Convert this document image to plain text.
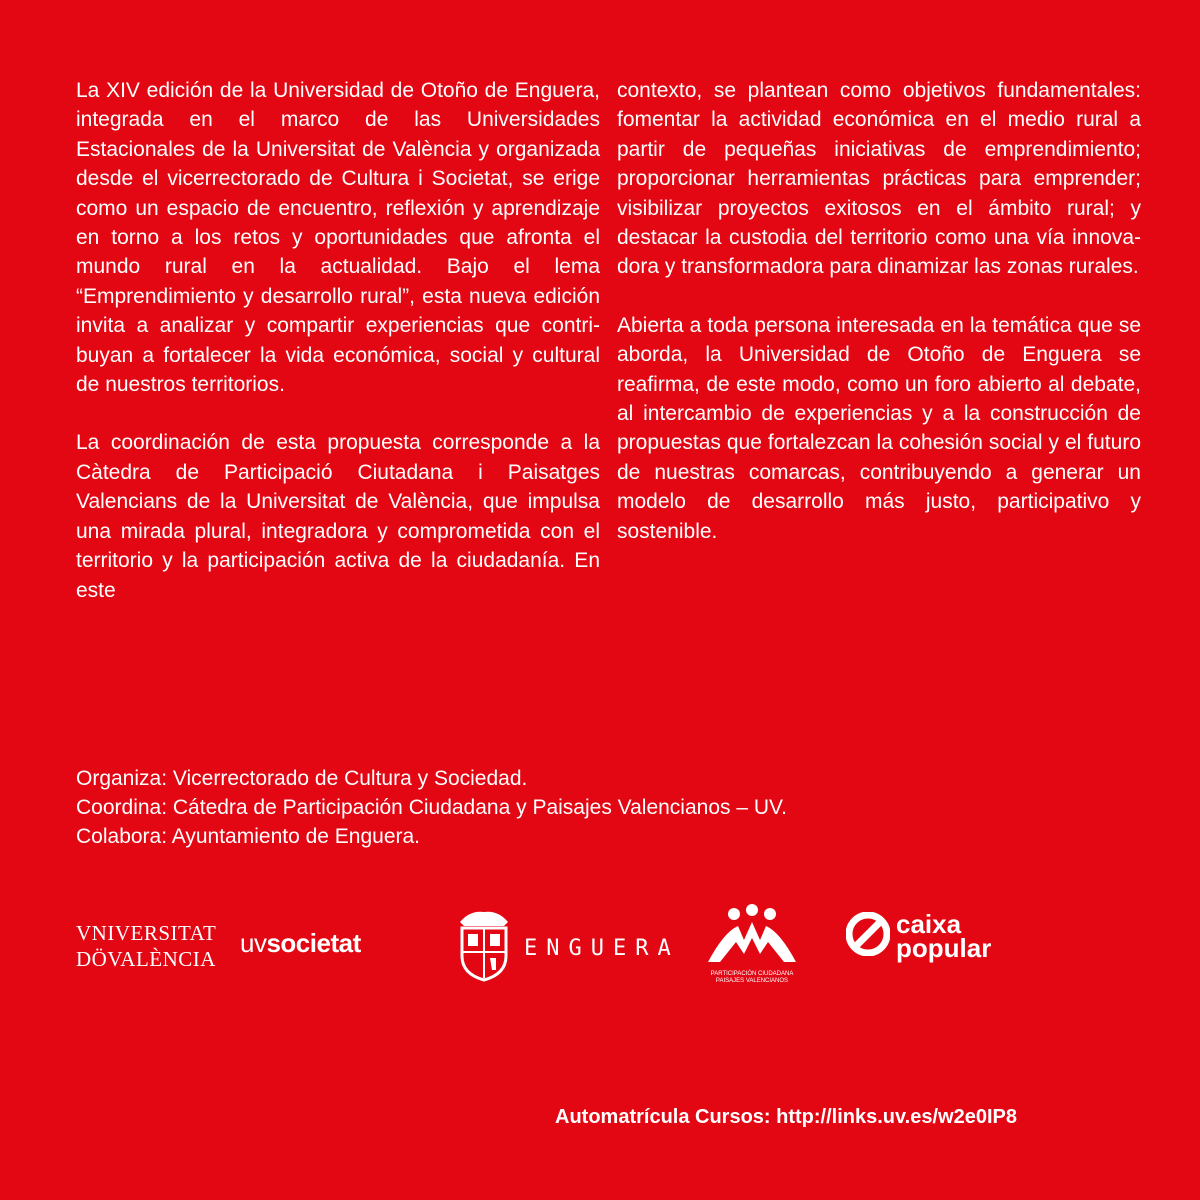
La XIV edición de la Universidad de Otoño de Enguera, integrada en el marco de las Universidades Estacionales de la Universitat de València y organizada desde el vicerrectorado de Cultura i Societat, se erige como un espacio de encuentro, reflexión y aprendizaje en torno a los retos y oportunidades que afronta el mundo rural en la actualidad. Bajo el lema “Emprendimiento y desarrollo rural”, esta nueva edición invita a analizar y compartir experiencias que contribuyan a fortalecer la vida económica, social y cultural de nuestros territorios.

La coordinación de esta propuesta corresponde a la Càtedra de Participació Ciutadana i Paisatges Valencians de la Universitat de València, que impulsa una mirada plural, integradora y comprometida con el territorio y la participación activa de la ciudadanía. En este

contexto, se plantean como objetivos fundamentales: fomentar la actividad económica en el medio rural a partir de pequeñas iniciativas de emprendimiento; proporcionar herramientas prácticas para emprender; visibilizar proyectos exitosos en el ámbito rural; y destacar la custodia del territorio como una vía innovadora y transformadora para dinamizar las zonas rurales.

Abierta a toda persona interesada en la temática que se aborda, la Universidad de Otoño de Enguera se reafirma, de este modo, como un foro abierto al debate, al intercambio de experiencias y a la construcción de propuestas que fortalezcan la cohesión social y el futuro de nuestras comarcas, contribuyendo a generar un modelo de desarrollo más justo, participativo y sostenible.

Organiza: Vicerrectorado de Cultura y Sociedad.
Coordina: Cátedra de Participación Ciudadana y Paisajes Valencianos – UV.
Colabora: Ayuntamiento de Enguera.
VNIVERSITAT
DÖVALÈNCIA
uvsocietat	ENGUERA
PARTICIPACIÓN CIUDADANA
PAISAJES VALENCIANOS
caixa
popular
Automatrícula Cursos: http://links.uv.es/w2e0IP8
